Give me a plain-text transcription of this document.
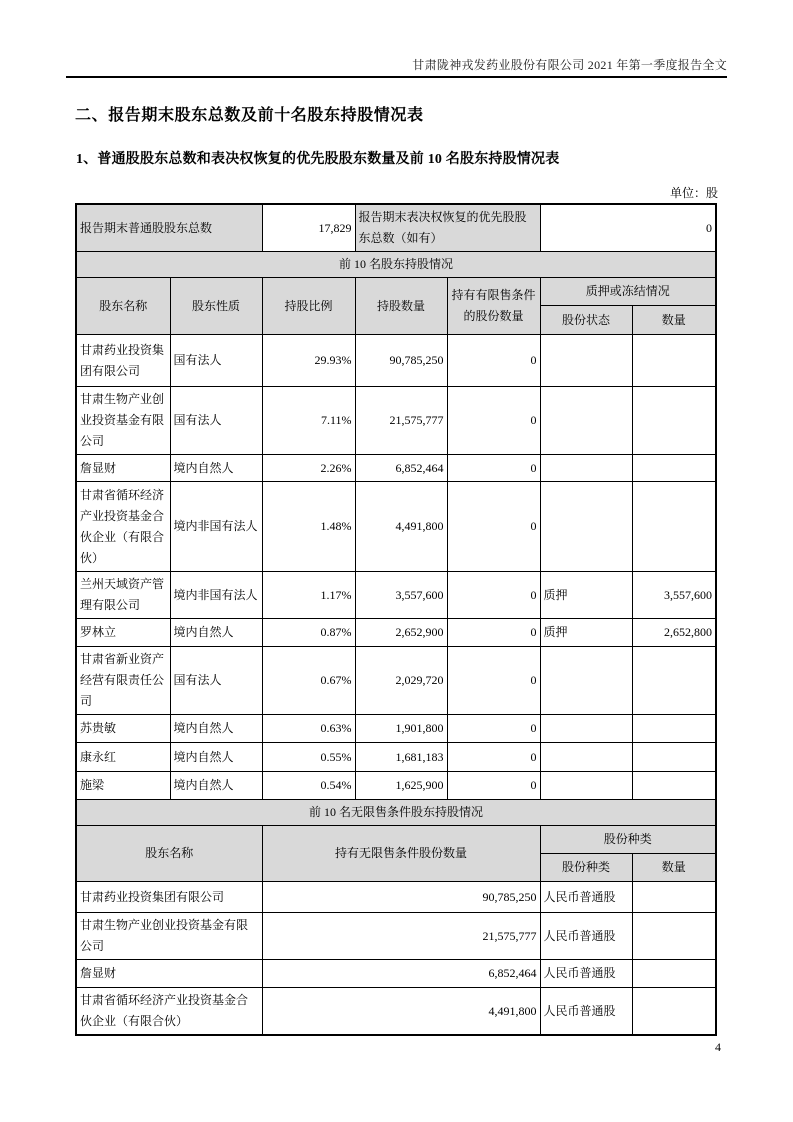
甘肃陇神戎发药业股份有限公司 2021 年第一季度报告全文
二、报告期末股东总数及前十名股东持股情况表
1、普通股股东总数和表决权恢复的优先股股东数量及前 10 名股东持股情况表
单位：股
报告期末普通股股东总数		17,829	报告期末表决权恢复的优先股股东总数（如有）		0	
前 10 名股东持股情况						
股东名称	股东性质	持股比例	持股数量	持有有限售条件的股份数量	质押或冻结情况	
					股份状态	数量
甘肃药业投资集团有限公司	国有法人	29.93%	90,785,250	0		
甘肃生物产业创业投资基金有限公司	国有法人	7.11%	21,575,777	0		
詹显财	境内自然人	2.26%	6,852,464	0		
甘肃省循环经济产业投资基金合伙企业（有限合伙）	境内非国有法人	1.48%	4,491,800	0		
兰州天域资产管理有限公司	境内非国有法人	1.17%	3,557,600	0	质押	3,557,600
罗林立	境内自然人	0.87%	2,652,900	0	质押	2,652,800
甘肃省新业资产经营有限责任公司	国有法人	0.67%	2,029,720	0		
苏贵敏	境内自然人	0.63%	1,901,800	0		
康永红	境内自然人	0.55%	1,681,183	0		
施梁	境内自然人	0.54%	1,625,900	0		
前 10 名无限售条件股东持股情况						
股东名称		持有无限售条件股份数量			股份种类	
					股份种类	数量
甘肃药业投资集团有限公司		90,785,250			人民币普通股	
甘肃生物产业创业投资基金有限公司		21,575,777			人民币普通股	
詹显财		6,852,464			人民币普通股	
甘肃省循环经济产业投资基金合伙企业（有限合伙）		4,491,800			人民币普通股	
4
